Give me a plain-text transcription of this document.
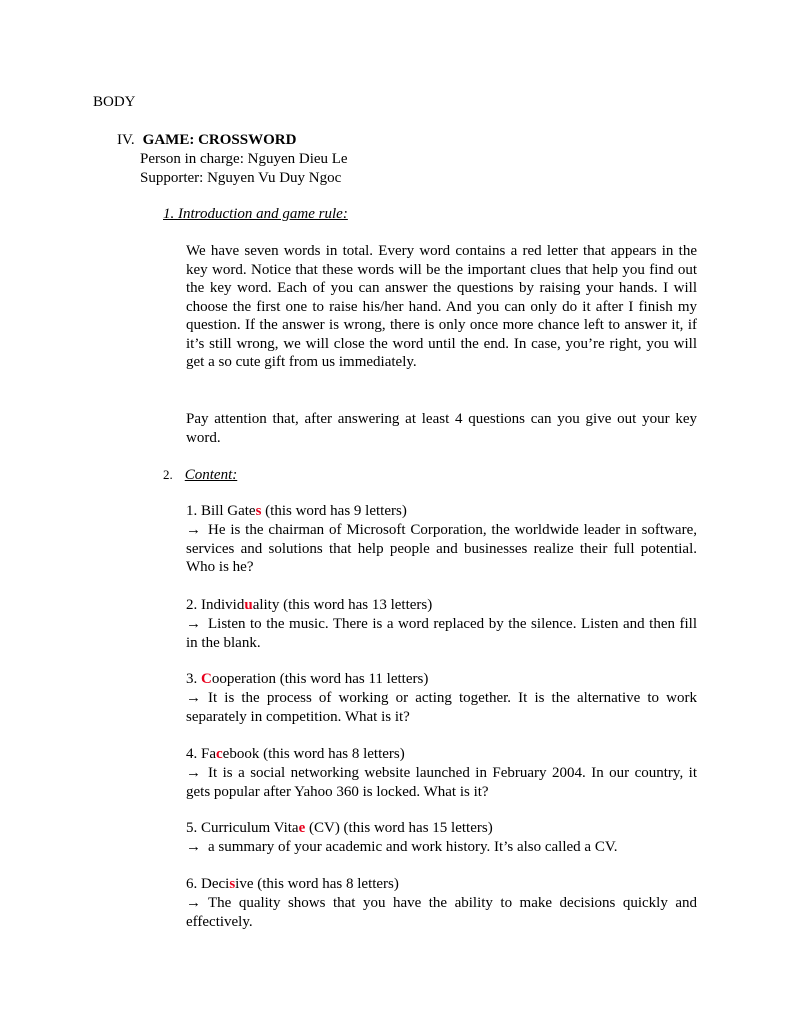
BODY
IV. GAME: CROSSWORD
Person in charge: Nguyen Dieu Le
Supporter: Nguyen Vu Duy Ngoc
1. Introduction and game rule:
We have seven words in total. Every word contains a red letter that appears in the key word. Notice that these words will be the important clues that help you find out the key word. Each of you can answer the questions by raising your hands. I will choose the first one to raise his/her hand. And you can only do it after I finish my question. If the answer is wrong, there is only once more chance left to answer it, if it’s still wrong, we will close the word until the end. In case, you’re right, you will get a so cute gift from us immediately.
Pay attention that, after answering at least 4 questions can you give out your key word.
2. Content:
1. Bill Gates (this word has 9 letters)
→ He is the chairman of Microsoft Corporation, the worldwide leader in software, services and solutions that help people and businesses realize their full potential. Who is he?
2. Individuality (this word has 13 letters)
→ Listen to the music. There is a word replaced by the silence. Listen and then fill in the blank.
3. Cooperation (this word has 11 letters)
→ It is the process of working or acting together. It is the alternative to work separately in competition. What is it?
4. Facebook (this word has 8 letters)
→ It is a social networking website launched in February 2004. In our country, it gets popular after Yahoo 360 is locked. What is it?
5. Curriculum Vitae (CV) (this word has 15 letters)
→ a summary of your academic and work history. It’s also called a CV.
6. Decisive (this word has 8 letters)
→ The quality shows that you have the ability to make decisions quickly and effectively.
